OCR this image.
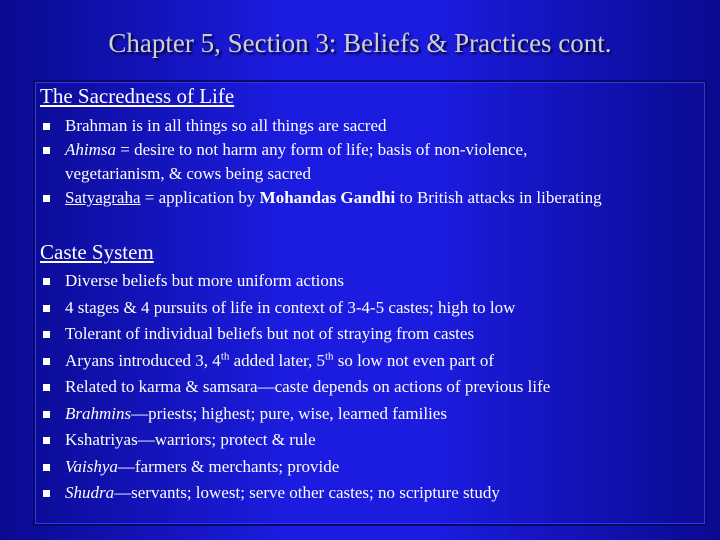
Chapter 5, Section 3: Beliefs & Practices cont.
The Sacredness of Life
Brahman is in all things so all things are sacred
Ahimsa = desire to not harm any form of life; basis of non-violence,
vegetarianism, & cows being sacred
Satyagraha = application by Mohandas Gandhi to British attacks in liberating
Caste System
Diverse beliefs but more uniform actions
4 stages & 4 pursuits of life in context of 3-4-5 castes; high to low
Tolerant of individual beliefs but not of straying from castes
Aryans introduced 3, 4th added later, 5th so low not even part of
Related to karma & samsara—caste depends on actions of previous life
Brahmins—priests; highest; pure, wise, learned families
Kshatriyas—warriors; protect & rule
Vaishya—farmers & merchants; provide
Shudra—servants; lowest; serve other castes; no scripture study
